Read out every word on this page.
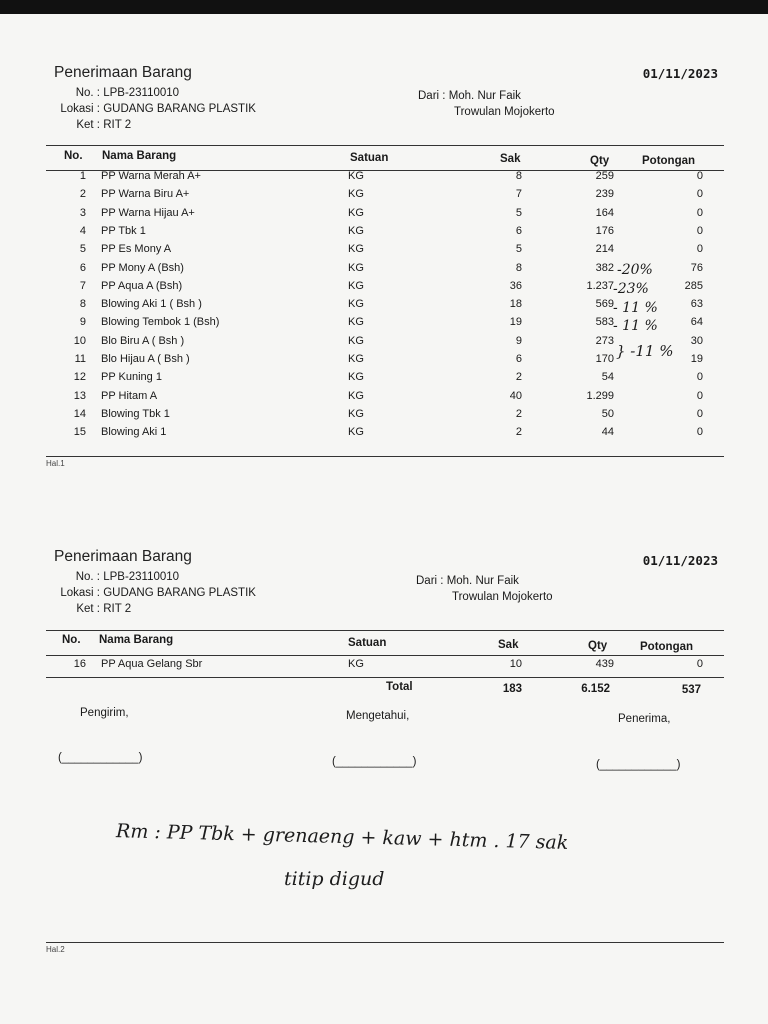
Penerimaan Barang	01/11/2023
No. : LPB-23110010
Lokasi : GUDANG BARANG PLASTIK
Ket : RIT 2
Dari : Moh. Nur Faik
Trowulan Mojokerto
No. Nama Barang	Satuan	Sak	Qty	Potongan
1 PP Warna Merah A+	KG	8	259	0
2 PP Warna Biru A+	KG	7	239	0
3 PP Warna Hijau A+	KG	5	164	0
4 PP Tbk 1	KG	6	176	0
5 PP Es Mony A	KG	5	214	0
6 PP Mony A (Bsh)	KG	8	382	76
7 PP Aqua A (Bsh)	KG	36	1.237	285
8 Blowing Aki 1 ( Bsh )	KG	18	569	63
9 Blowing Tembok 1 (Bsh)	KG	19	583	64
10 Blo Biru A ( Bsh )	KG	9	273	30
11 Blo Hijau A ( Bsh )	KG	6	170	19
12 PP Kuning 1	KG	2	54	0
13 PP Hitam A	KG	40	1.299	0
14 Blowing Tbk 1	KG	2	50	0
15 Blowing Aki 1	KG	2	44	0
Hal.1
-20%
-23%
- 11 %
- 11 %
} -11 %
Penerimaan Barang	01/11/2023
No. : LPB-23110010
Lokasi : GUDANG BARANG PLASTIK
Ket : RIT 2
Dari : Moh. Nur Faik
Trowulan Mojokerto
No. Nama Barang	Satuan	Sak	Qty	Potongan
16 PP Aqua Gelang Sbr	KG	10	439	0
Total	183	6.152	537
Pengirim,	Mengetahui,	Penerima,
(____________)	(____________)	(____________)
Rm : PP Tbk + grenaeng + kaw + htm . 17 sak
titip digud
Hal.2
